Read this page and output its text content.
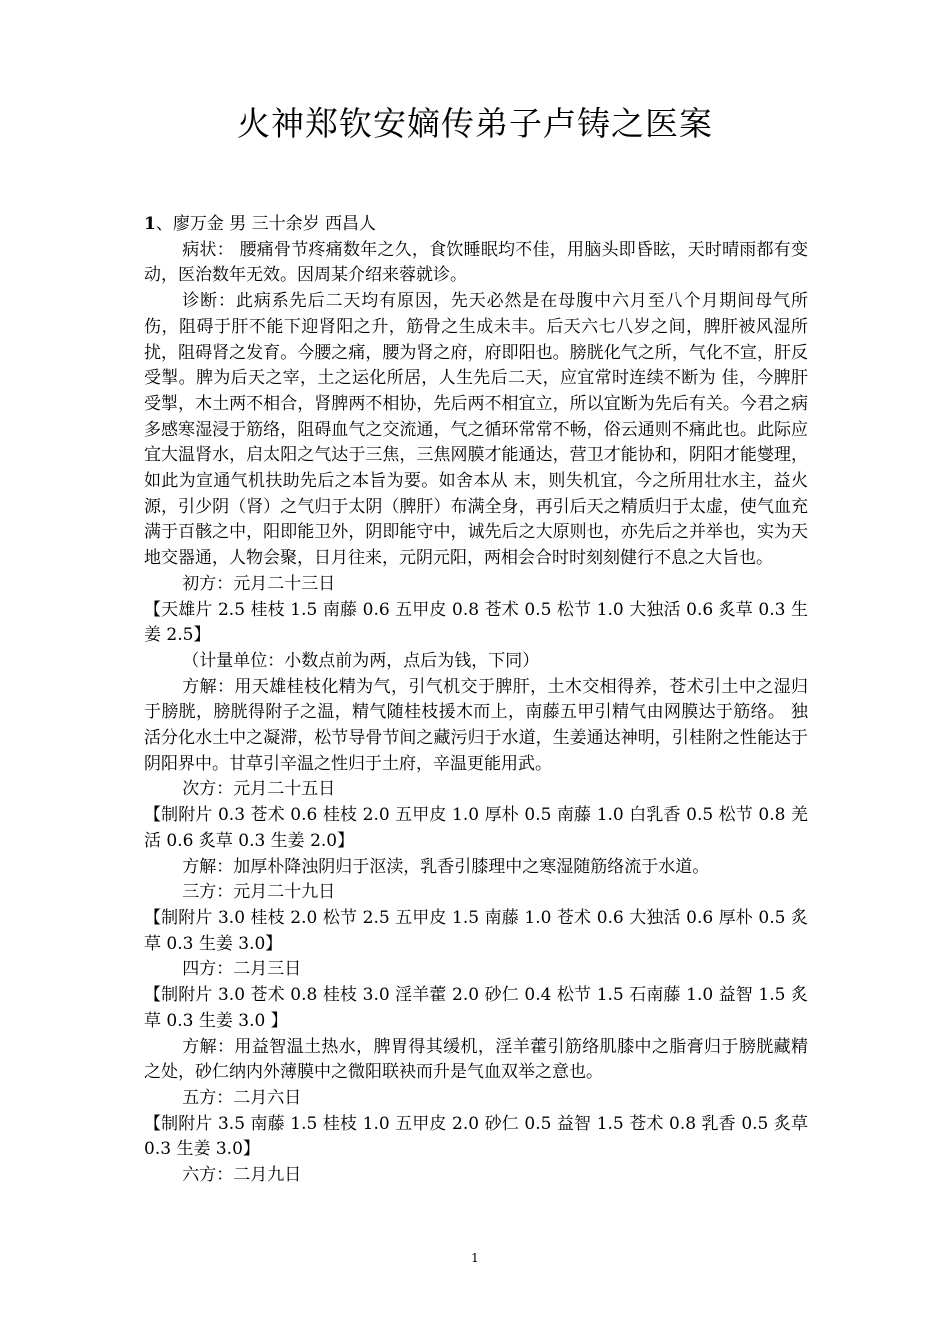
火神郑钦安嫡传弟子卢铸之医案

1、廖万金 男 三十余岁 西昌人

病状： 腰痛骨节疼痛数年之久，食饮睡眠均不佳，用脑头即昏眩，天时晴雨都有变动，医治数年无效。因周某介绍来蓉就诊。

诊断：此病系先后二天均有原因，先天必然是在母腹中六月至八个月期间母气所伤，阻碍于肝不能下迎肾阳之升，筋骨之生成未丰。后天六七八岁之间，脾肝被风湿所 扰，阻碍肾之发育。今腰之痛，腰为肾之府，府即阳也。膀胱化气之所，气化不宣，肝反受掣。脾为后天之宰，土之运化所居，人生先后二天，应宜常时连续不断为 佳，今脾肝受掣，木土两不相合，肾脾两不相协，先后两不相宜立，所以宜断为先后有关。今君之病多感寒湿浸于筋络，阻碍血气之交流通，气之循环常常不畅，俗云通则不痛此也。此际应宜大温肾水，启太阳之气达于三焦，三焦网膜才能通达，营卫才能协和，阴阳才能燮理，如此为宣通气机扶助先后之本旨为要。如舍本从 末，则失机宜，今之所用壮水主，益火源，引少阴（肾）之气归于太阴（脾肝）布满全身，再引后天之精质归于太虚，使气血充满于百骸之中，阳即能卫外，阴即能守中，诚先后之大原则也，亦先后之并举也，实为天地交器通，人物会聚，日月往来，元阴元阳，两相会合时时刻刻健行不息之大旨也。

初方：元月二十三日

【天雄片 2.5 桂枝 1.5 南藤 0.6 五甲皮 0.8 苍术 0.5 松节 1.0 大独活 0.6 炙草 0.3 生姜 2.5】

（计量单位：小数点前为两，点后为钱，下同）

方解：用天雄桂枝化精为气，引气机交于脾肝，土木交相得养，苍术引土中之湿归于膀胱，膀胱得附子之温，精气随桂枝援木而上，南藤五甲引精气由网膜达于筋络。 独活分化水土中之凝滞，松节导骨节间之藏污归于水道，生姜通达神明，引桂附之性能达于阴阳界中。甘草引辛温之性归于土府，辛温更能用武。

次方：元月二十五日

【制附片 0.3 苍术 0.6 桂枝 2.0 五甲皮 1.0 厚朴 0.5 南藤 1.0 白乳香 0.5 松节 0.8 羌活 0.6 炙草 0.3 生姜 2.0】

方解：加厚朴降浊阴归于沤渎，乳香引膝理中之寒湿随筋络流于水道。

三方：元月二十九日

【制附片 3.0 桂枝 2.0 松节 2.5 五甲皮 1.5 南藤 1.0 苍术 0.6 大独活 0.6 厚朴 0.5 炙草 0.3 生姜 3.0】

四方：二月三日

【制附片 3.0 苍术 0.8 桂枝 3.0 淫羊藿 2.0 砂仁 0.4 松节 1.5 石南藤 1.0 益智 1.5 炙草 0.3 生姜 3.0 】

方解：用益智温土热水，脾胃得其缓机，淫羊藿引筋络肌膝中之脂膏归于膀胱藏精之处，砂仁纳内外薄膜中之微阳联袂而升是气血双举之意也。

五方：二月六日

【制附片 3.5 南藤 1.5 桂枝 1.0 五甲皮 2.0 砂仁 0.5 益智 1.5 苍术 0.8 乳香 0.5 炙草 0.3 生姜 3.0】

六方：二月九日

1
